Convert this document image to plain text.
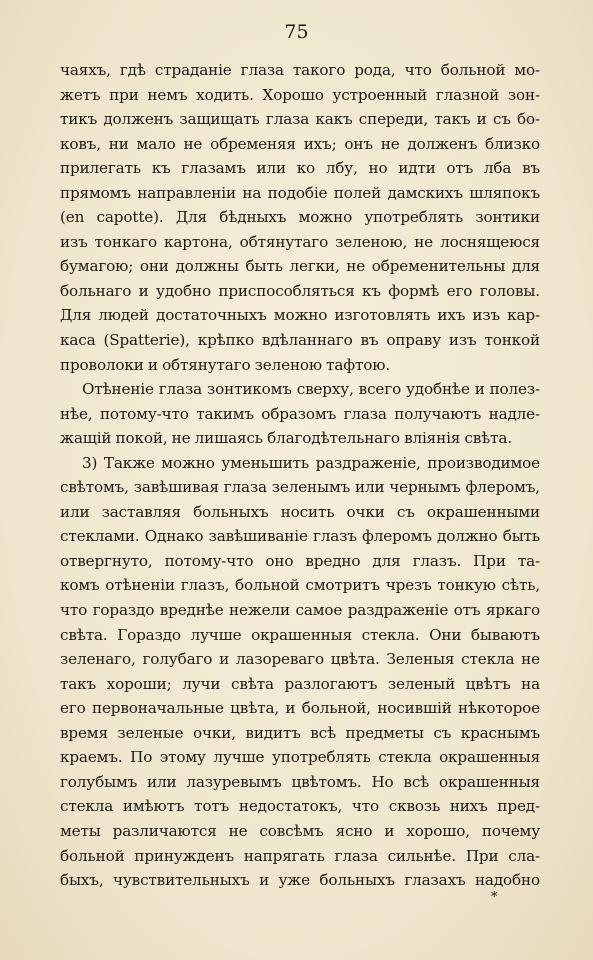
75
чаяхъ, гдѣ страданіе глаза такого рода, что больной мо-
жетъ при немъ ходить. Хорошо устроенный глазной зон-
тикъ долженъ защищать глаза какъ спереди, такъ и съ бо-
ковъ, ни мало не обременяя ихъ; онъ не долженъ близко
прилегать къ глазамъ или ко лбу, но идти отъ лба въ
прямомъ направленіи на подобіе полей дамскихъ шляпокъ
(en capotte). Для бѣдныхъ можно употреблять зонтики
изъ тонкаго картона, обтянутаго зеленою, не лоснящеюся
бумагою; они должны быть легки, не обременительны для
больнаго и удобно приспособляться къ формѣ его головы.
Для людей достаточныхъ можно изготовлять ихъ изъ кар-
каса (Spatterie), крѣпко вдѣланнаго въ оправу изъ тонкой
проволоки и обтянутаго зеленою тафтою.
Отѣненіе глаза зонтикомъ сверху, всего удобнѣе и полез-
нѣе, потому-что такимъ образомъ глаза получаютъ надле-
жащій покой, не лишаясь благодѣтельнаго вліянія свѣта.
3) Также можно уменьшить раздраженіе, производимое
свѣтомъ, завѣшивая глаза зеленымъ или чернымъ флеромъ,
или заставляя больныхъ носить очки съ окрашенными
стеклами. Однако завѣшиваніе глазъ флеромъ должно быть
отвергнуто, потому-что оно вредно для глазъ. При та-
комъ отѣненіи глазъ, больной смотритъ чрезъ тонкую сѣть,
что гораздо вреднѣе нежели самое раздраженіе отъ яркаго
свѣта. Гораздо лучше окрашенныя стекла. Они бываютъ
зеленаго, голубаго и лазореваго цвѣта. Зеленыя стекла не
такъ хороши; лучи свѣта разлогаютъ зеленый цвѣтъ на
его первоначальные цвѣта, и больной, носившій нѣкоторое
время зеленые очки, видитъ всѣ предметы съ краснымъ
краемъ. По этому лучше употреблять стекла окрашенныя
голубымъ или лазуревымъ цвѣтомъ. Но всѣ окрашенныя
стекла имѣютъ тотъ недостатокъ, что сквозь нихъ пред-
меты различаются не совсѣмъ ясно и хорошо, почему
больной принужденъ напрягать глаза сильнѣе. При сла-
быхъ, чувствительныхъ и уже больныхъ глазахъ надобно
*
